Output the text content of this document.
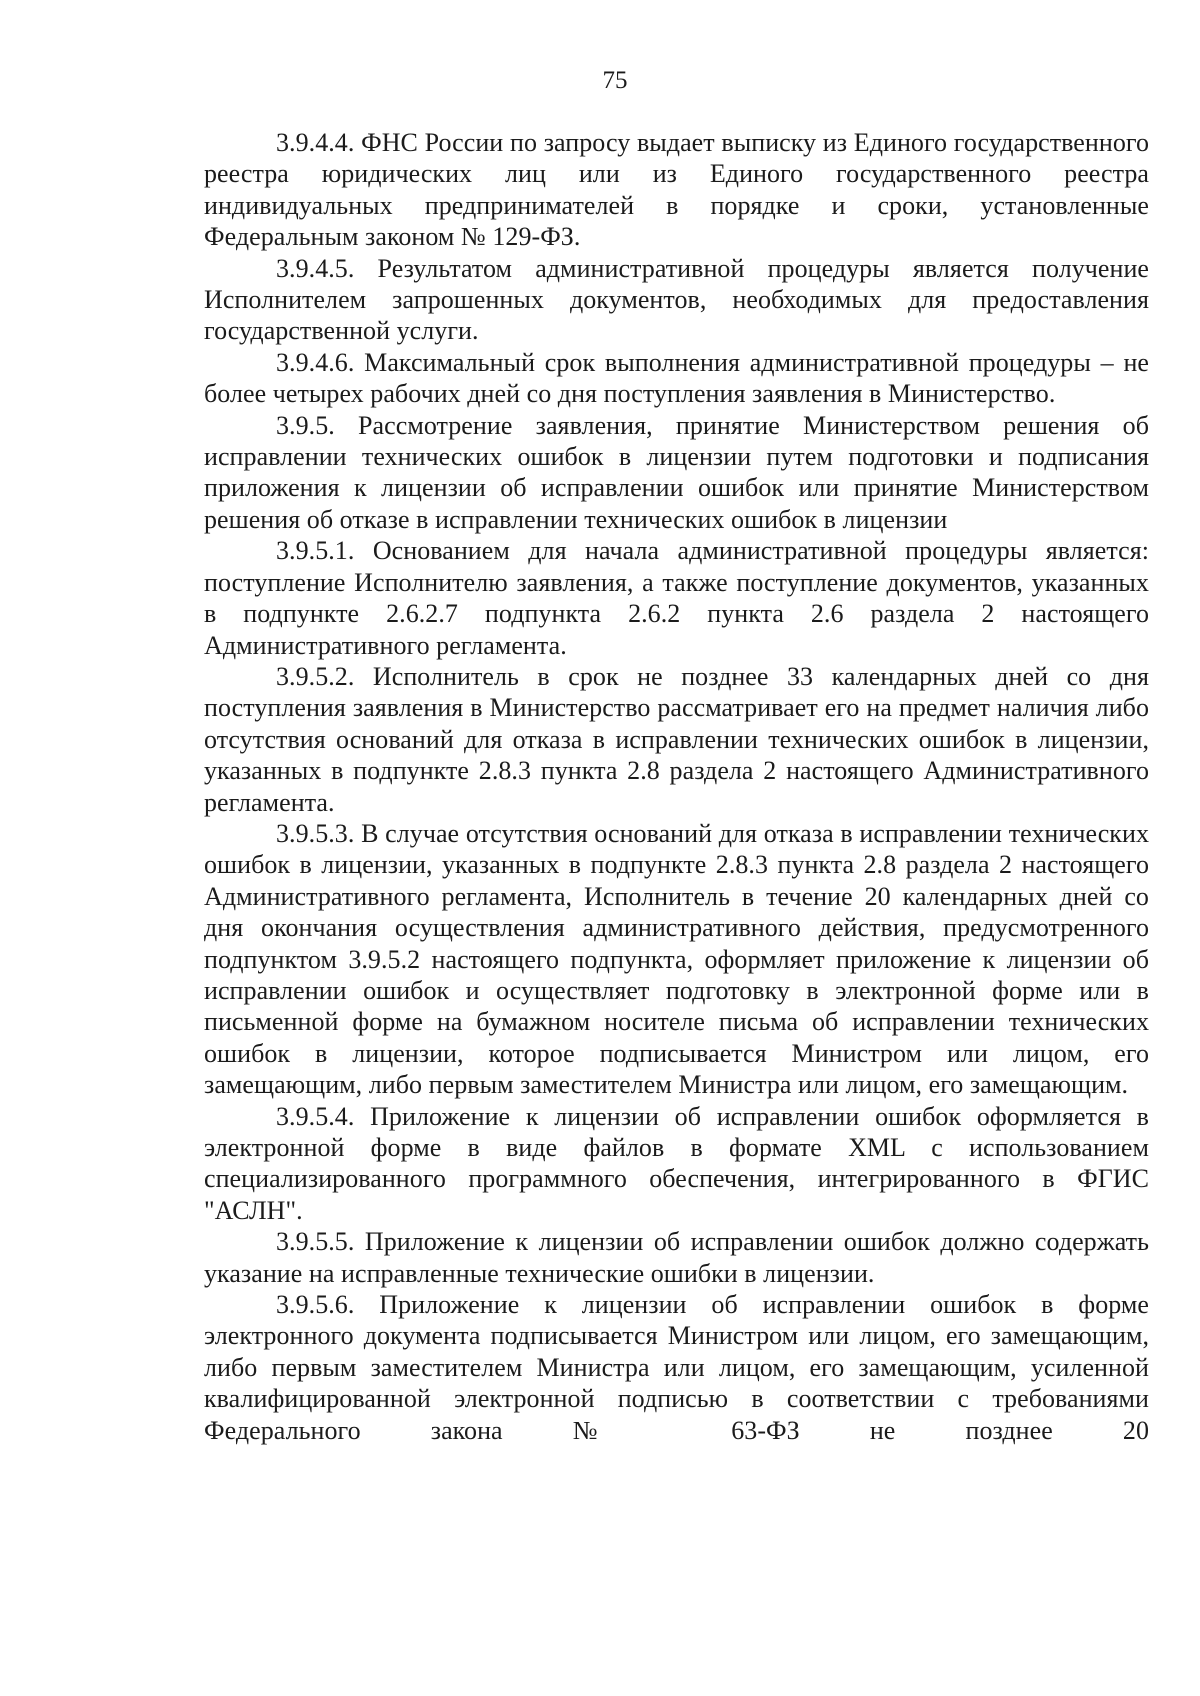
75

3.9.4.4. ФНС России по запросу выдает выписку из Единого государственного реестра юридических лиц или из Единого государственного реестра индивидуальных предпринимателей в порядке и сроки, установленные Федеральным законом № 129-ФЗ.

3.9.4.5. Результатом административной процедуры является получение Исполнителем запрошенных документов, необходимых для предоставления государственной услуги.

3.9.4.6. Максимальный срок выполнения административной процедуры – не более четырех рабочих дней со дня поступления заявления в Министерство.

3.9.5. Рассмотрение заявления, принятие Министерством решения об исправлении технических ошибок в лицензии путем подготовки и подписания приложения к лицензии об исправлении ошибок или принятие Министерством решения об отказе в исправлении технических ошибок в лицензии

3.9.5.1. Основанием для начала административной процедуры является: поступление Исполнителю заявления, а также поступление документов, указанных в подпункте 2.6.2.7 подпункта 2.6.2 пункта 2.6 раздела 2 настоящего Административного регламента.

3.9.5.2. Исполнитель в срок не позднее 33 календарных дней со дня поступления заявления в Министерство рассматривает его на предмет наличия либо отсутствия оснований для отказа в исправлении технических ошибок в лицензии, указанных в подпункте 2.8.3 пункта 2.8 раздела 2 настоящего Административного регламента.

3.9.5.3. В случае отсутствия оснований для отказа в исправлении технических ошибок в лицензии, указанных в подпункте 2.8.3 пункта 2.8 раздела 2 настоящего Административного регламента, Исполнитель в течение 20 календарных дней со дня окончания осуществления административного действия, предусмотренного подпунктом 3.9.5.2 настоящего подпункта, оформляет приложение к лицензии об исправлении ошибок и осуществляет подготовку в электронной форме или в письменной форме на бумажном носителе письма об исправлении технических ошибок в лицензии, которое подписывается Министром или лицом, его замещающим, либо первым заместителем Министра или лицом, его замещающим.

3.9.5.4. Приложение к лицензии об исправлении ошибок оформляется в электронной форме в виде файлов в формате XML с использованием специализированного программного обеспечения, интегрированного в ФГИС "АСЛН".

3.9.5.5. Приложение к лицензии об исправлении ошибок должно содержать указание на исправленные технические ошибки в лицензии.

3.9.5.6. Приложение к лицензии об исправлении ошибок в форме электронного документа подписывается Министром или лицом, его замещающим, либо первым заместителем Министра или лицом, его замещающим, усиленной квалифицированной электронной подписью в соответствии с требованиями Федерального закона № 63-ФЗ не позднее 20
